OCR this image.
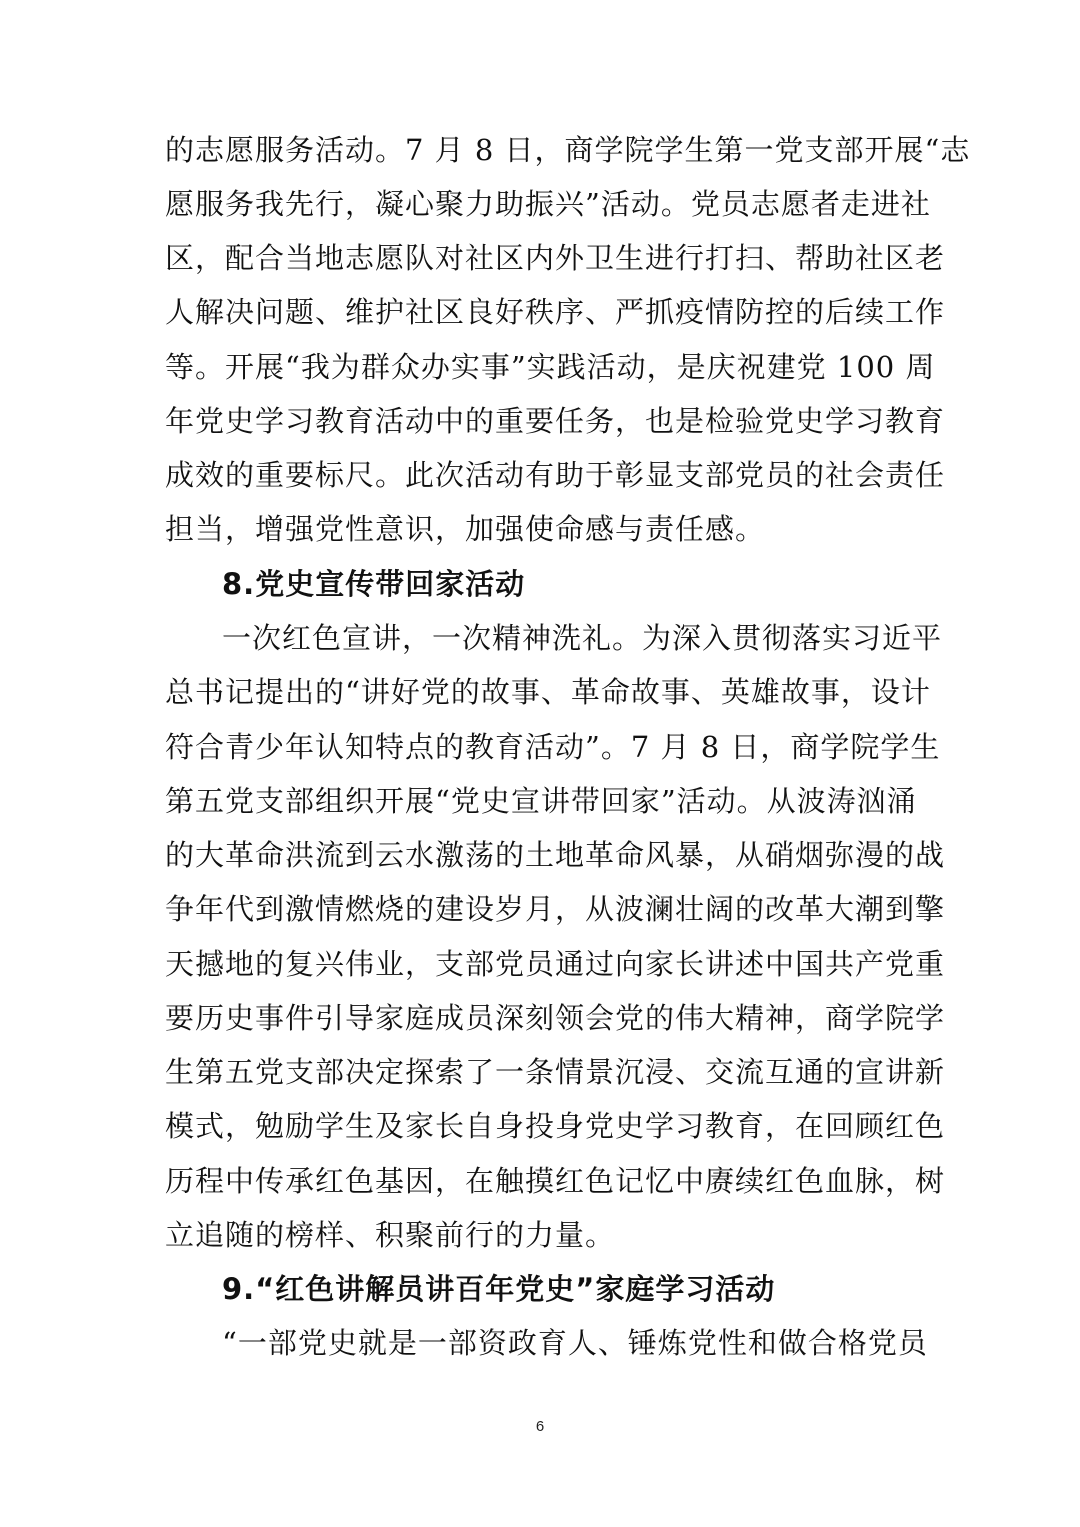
的志愿服务活动。7 月 8 日，商学院学生第一党支部开展“志
愿服务我先行，凝心聚力助振兴”活动。党员志愿者走进社
区，配合当地志愿队对社区内外卫生进行打扫、帮助社区老
人解决问题、维护社区良好秩序、严抓疫情防控的后续工作
等。开展“我为群众办实事”实践活动，是庆祝建党 100 周
年党史学习教育活动中的重要任务，也是检验党史学习教育
成效的重要标尺。此次活动有助于彰显支部党员的社会责任
担当，增强党性意识，加强使命感与责任感。
8.党史宣传带回家活动
一次红色宣讲，一次精神洗礼。为深入贯彻落实习近平
总书记提出的“讲好党的故事、革命故事、英雄故事，设计
符合青少年认知特点的教育活动”。7 月 8 日，商学院学生
第五党支部组织开展“党史宣讲带回家”活动。从波涛汹涌
的大革命洪流到云水激荡的土地革命风暴，从硝烟弥漫的战
争年代到激情燃烧的建设岁月，从波澜壮阔的改革大潮到擎
天撼地的复兴伟业，支部党员通过向家长讲述中国共产党重
要历史事件引导家庭成员深刻领会党的伟大精神，商学院学
生第五党支部决定探索了一条情景沉浸、交流互通的宣讲新
模式，勉励学生及家长自身投身党史学习教育，在回顾红色
历程中传承红色基因，在触摸红色记忆中赓续红色血脉，树
立追随的榜样、积聚前行的力量。
9.“红色讲解员讲百年党史”家庭学习活动
“一部党史就是一部资政育人、锤炼党性和做合格党员
6
